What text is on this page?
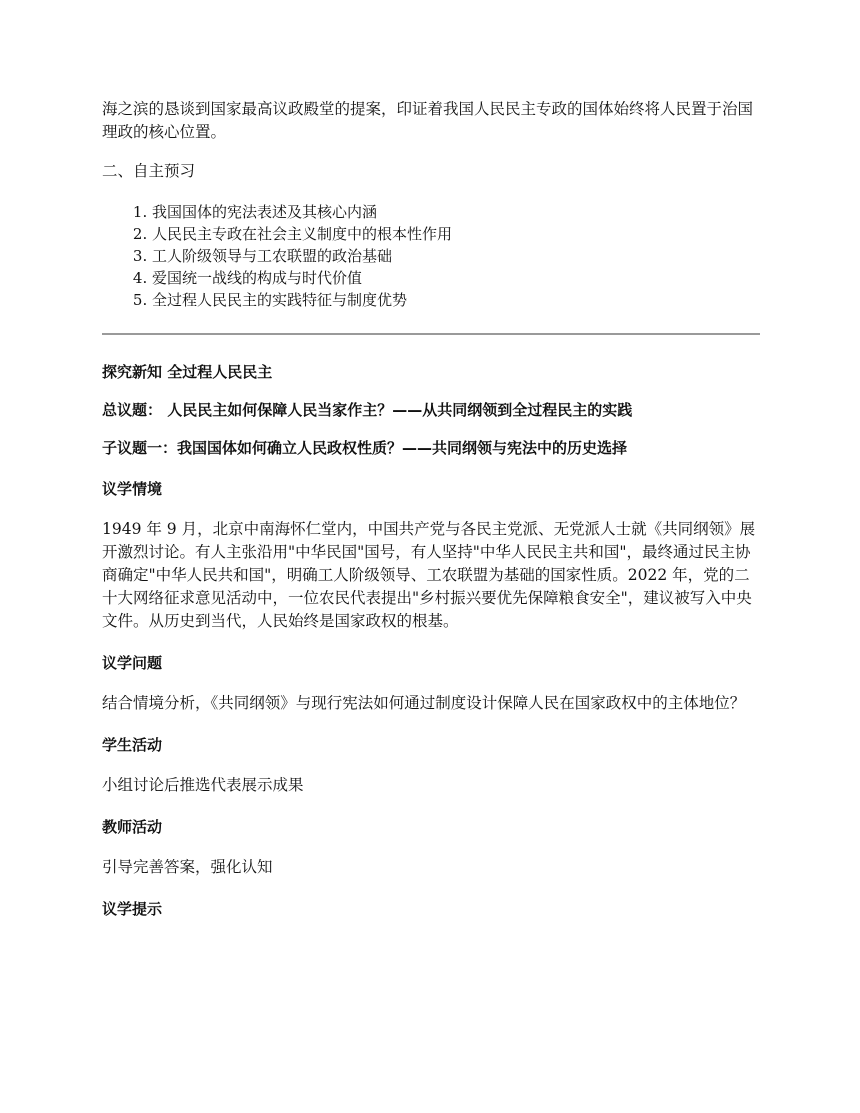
海之滨的恳谈到国家最高议政殿堂的提案，印证着我国人民民主专政的国体始终将人民置于治国理政的核心位置。

二、自主预习

1. 我国国体的宪法表述及其核心内涵
2. 人民民主专政在社会主义制度中的根本性作用
3. 工人阶级领导与工农联盟的政治基础
4. 爱国统一战线的构成与时代价值
5. 全过程人民民主的实践特征与制度优势
探究新知 全过程人民民主
总议题： 人民民主如何保障人民当家作主？——从共同纲领到全过程民主的实践
子议题一：我国国体如何确立人民政权性质？——共同纲领与宪法中的历史选择
议学情境

1949 年 9 月，北京中南海怀仁堂内，中国共产党与各民主党派、无党派人士就《共同纲领》展开激烈讨论。有人主张沿用"中华民国"国号，有人坚持"中华人民民主共和国"，最终通过民主协商确定"中华人民共和国"，明确工人阶级领导、工农联盟为基础的国家性质。2022 年，党的二十大网络征求意见活动中，一位农民代表提出"乡村振兴要优先保障粮食安全"，建议被写入中央文件。从历史到当代，人民始终是国家政权的根基。

议学问题

结合情境分析，《共同纲领》与现行宪法如何通过制度设计保障人民在国家政权中的主体地位？

学生活动

小组讨论后推选代表展示成果

教师活动

引导完善答案，强化认知

议学提示
